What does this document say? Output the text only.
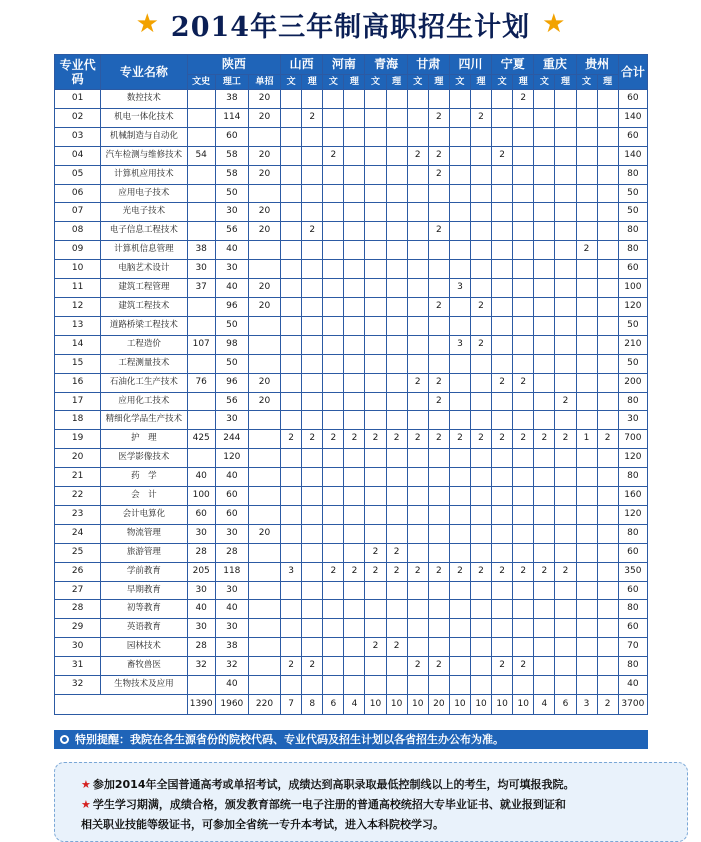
★ 2014年三年制高职招生计划 ★
专业代码	专业名称	陕西			山西		河南		青海		甘肃		四川		宁夏		重庆		贵州		合计
		文史	理工	单招	文	理	文	理	文	理	文	理	文	理	文	理	文	理	文	理	
01	数控技术		38	20												2					60
02	机电一体化技术		114	20		2						2		2							140
03	机械制造与自动化		60																		60
04	汽车检测与维修技术	54	58	20			2				2	2			2						140
05	计算机应用技术		58	20								2									80
06	应用电子技术		50																		50
07	光电子技术		30	20																	50
08	电子信息工程技术		56	20		2						2									80
09	计算机信息管理	38	40																2		80
10	电脑艺术设计	30	30																		60
11	建筑工程管理	37	40	20									3								100
12	建筑工程技术		96	20								2		2							120
13	道路桥梁工程技术		50																		50
14	工程造价	107	98										3	2							210
15	工程测量技术		50																		50
16	石油化工生产技术	76	96	20							2	2			2	2					200
17	应用化工技术		56	20								2						2			80
18	精细化学品生产技术		30																		30
19	护　理	425	244		2	2	2	2	2	2	2	2	2	2	2	2	2	2	1	2	700
20	医学影像技术		120																		120
21	药　学	40	40																		80
22	会　计	100	60																		160
23	会计电算化	60	60																		120
24	物流管理	30	30	20																	80
25	旅游管理	28	28						2	2											60
26	学前教育	205	118		3		2	2	2	2	2	2	2	2	2	2	2	2			350
27	早期教育	30	30																		60
28	初等教育	40	40																		80
29	英语教育	30	30																		60
30	园林技术	28	38						2	2											70
31	畜牧兽医	32	32		2	2					2	2			2	2					80
32	生物技术及应用		40																		40
		1390	1960	220	7	8	6	4	10	10	10	20	10	10	10	10	4	6	3	2	3700
特别提醒：我院在各生源省份的院校代码、专业代码及招生计划以各省招生办公布为准。

★ 参加2014年全国普通高考或单招考试，成绩达到高职录取最低控制线以上的考生，均可填报我院。

★ 学生学习期满，成绩合格，颁发教育部统一电子注册的普通高校统招大专毕业证书、就业报到证和

相关职业技能等级证书，可参加全省统一专升本考试，进入本科院校学习。
